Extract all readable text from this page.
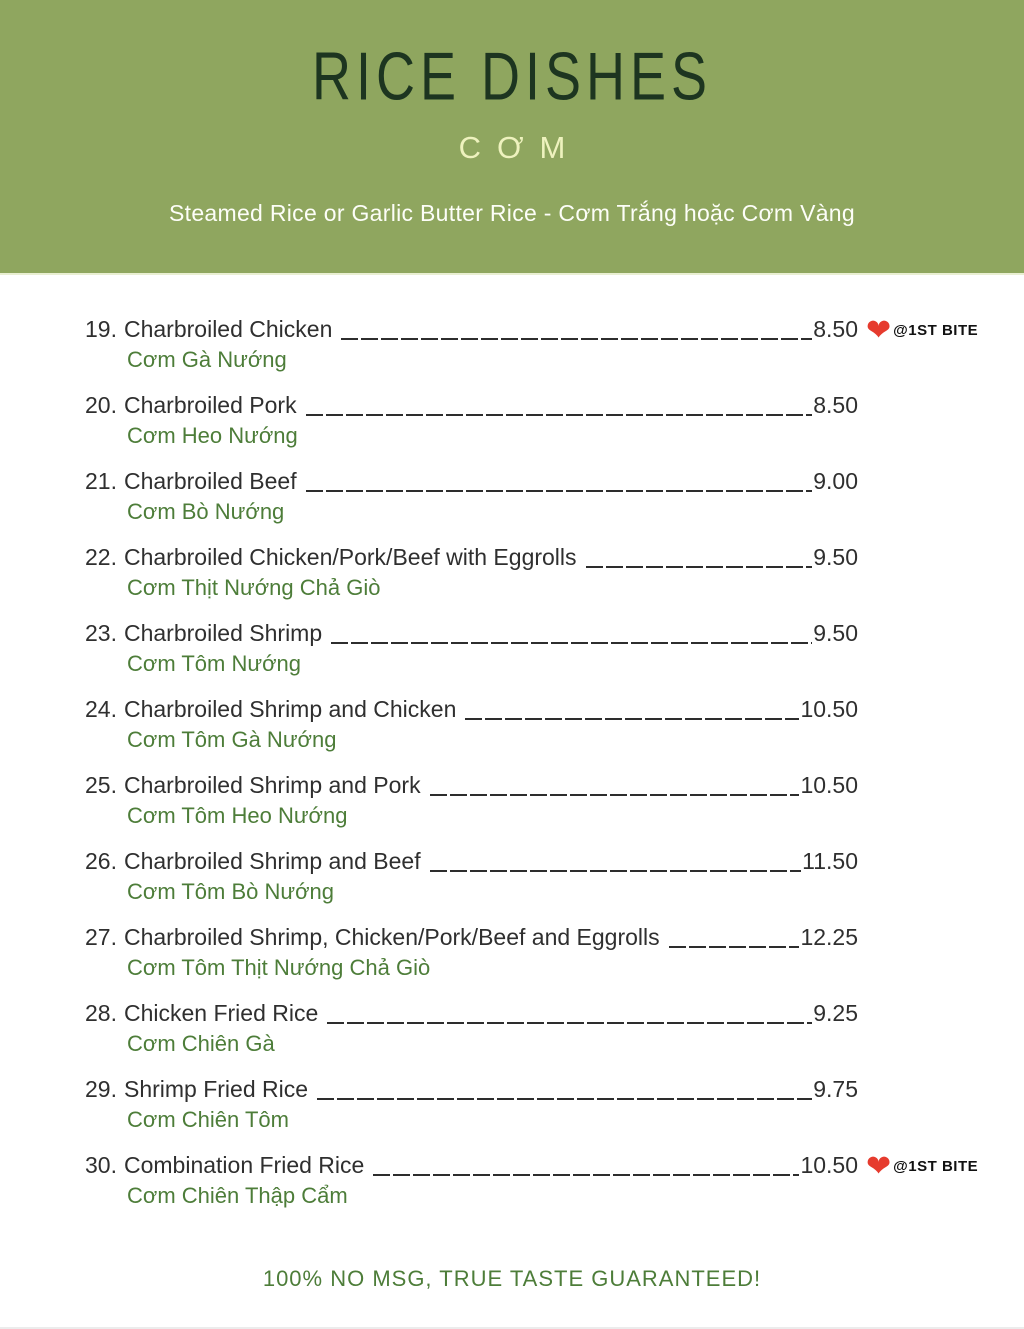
RICE DISHES
CƠM
Steamed Rice or Garlic Butter Rice - Cơm Trắng hoặc Cơm Vàng
19. Charbroiled Chicken	8.50 ❤ @1ST BITE
Cơm Gà Nướng
20. Charbroiled Pork	8.50
Cơm Heo Nướng
21. Charbroiled Beef	9.00
Cơm Bò Nướng
22. Charbroiled Chicken/Pork/Beef with Eggrolls	9.50
Cơm Thịt Nướng Chả Giò
23. Charbroiled Shrimp	9.50
Cơm Tôm Nướng
24. Charbroiled Shrimp and Chicken	10.50
Cơm Tôm Gà Nướng
25. Charbroiled Shrimp and Pork	10.50
Cơm Tôm Heo Nướng
26. Charbroiled Shrimp and Beef	11.50
Cơm Tôm Bò Nướng
27. Charbroiled Shrimp, Chicken/Pork/Beef and Eggrolls	12.25
Cơm Tôm Thịt Nướng Chả Giò
28. Chicken Fried Rice	9.25
Cơm Chiên Gà
29. Shrimp Fried Rice	9.75
Cơm Chiên Tôm
30. Combination Fried Rice	10.50 ❤ @1ST BITE
Cơm Chiên Thập Cẩm
100% NO MSG, TRUE TASTE GUARANTEED!
